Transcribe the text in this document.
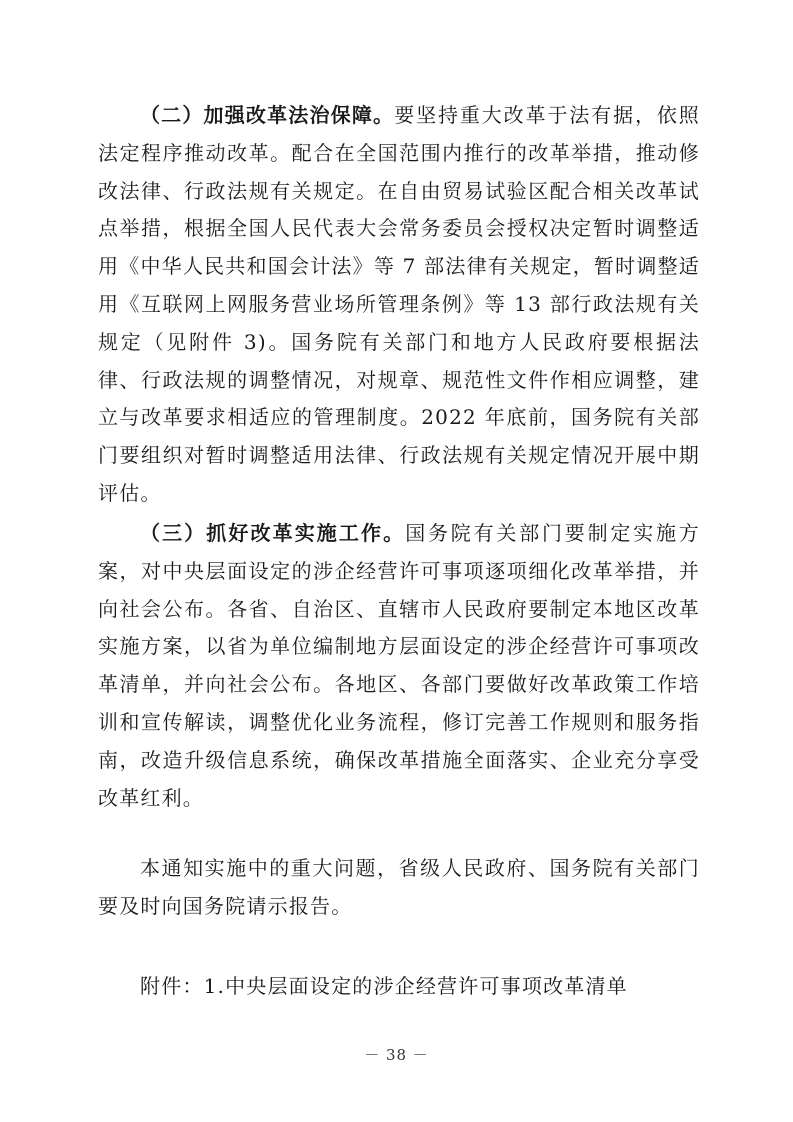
（二）加强改革法治保障。要坚持重大改革于法有据，依照法定程序推动改革。配合在全国范围内推行的改革举措，推动修改法律、行政法规有关规定。在自由贸易试验区配合相关改革试点举措，根据全国人民代表大会常务委员会授权决定暂时调整适用《中华人民共和国会计法》等 7 部法律有关规定，暂时调整适用《互联网上网服务营业场所管理条例》等 13 部行政法规有关规定（见附件 3)。国务院有关部门和地方人民政府要根据法律、行政法规的调整情况，对规章、规范性文件作相应调整，建立与改革要求相适应的管理制度。2022 年底前，国务院有关部门要组织对暂时调整适用法律、行政法规有关规定情况开展中期评估。

（三）抓好改革实施工作。国务院有关部门要制定实施方案，对中央层面设定的涉企经营许可事项逐项细化改革举措，并向社会公布。各省、自治区、直辖市人民政府要制定本地区改革实施方案，以省为单位编制地方层面设定的涉企经营许可事项改革清单，并向社会公布。各地区、各部门要做好改革政策工作培训和宣传解读，调整优化业务流程，修订完善工作规则和服务指南，改造升级信息系统，确保改革措施全面落实、企业充分享受改革红利。

本通知实施中的重大问题，省级人民政府、国务院有关部门要及时向国务院请示报告。

附件：1.中央层面设定的涉企经营许可事项改革清单

－ 38 －
